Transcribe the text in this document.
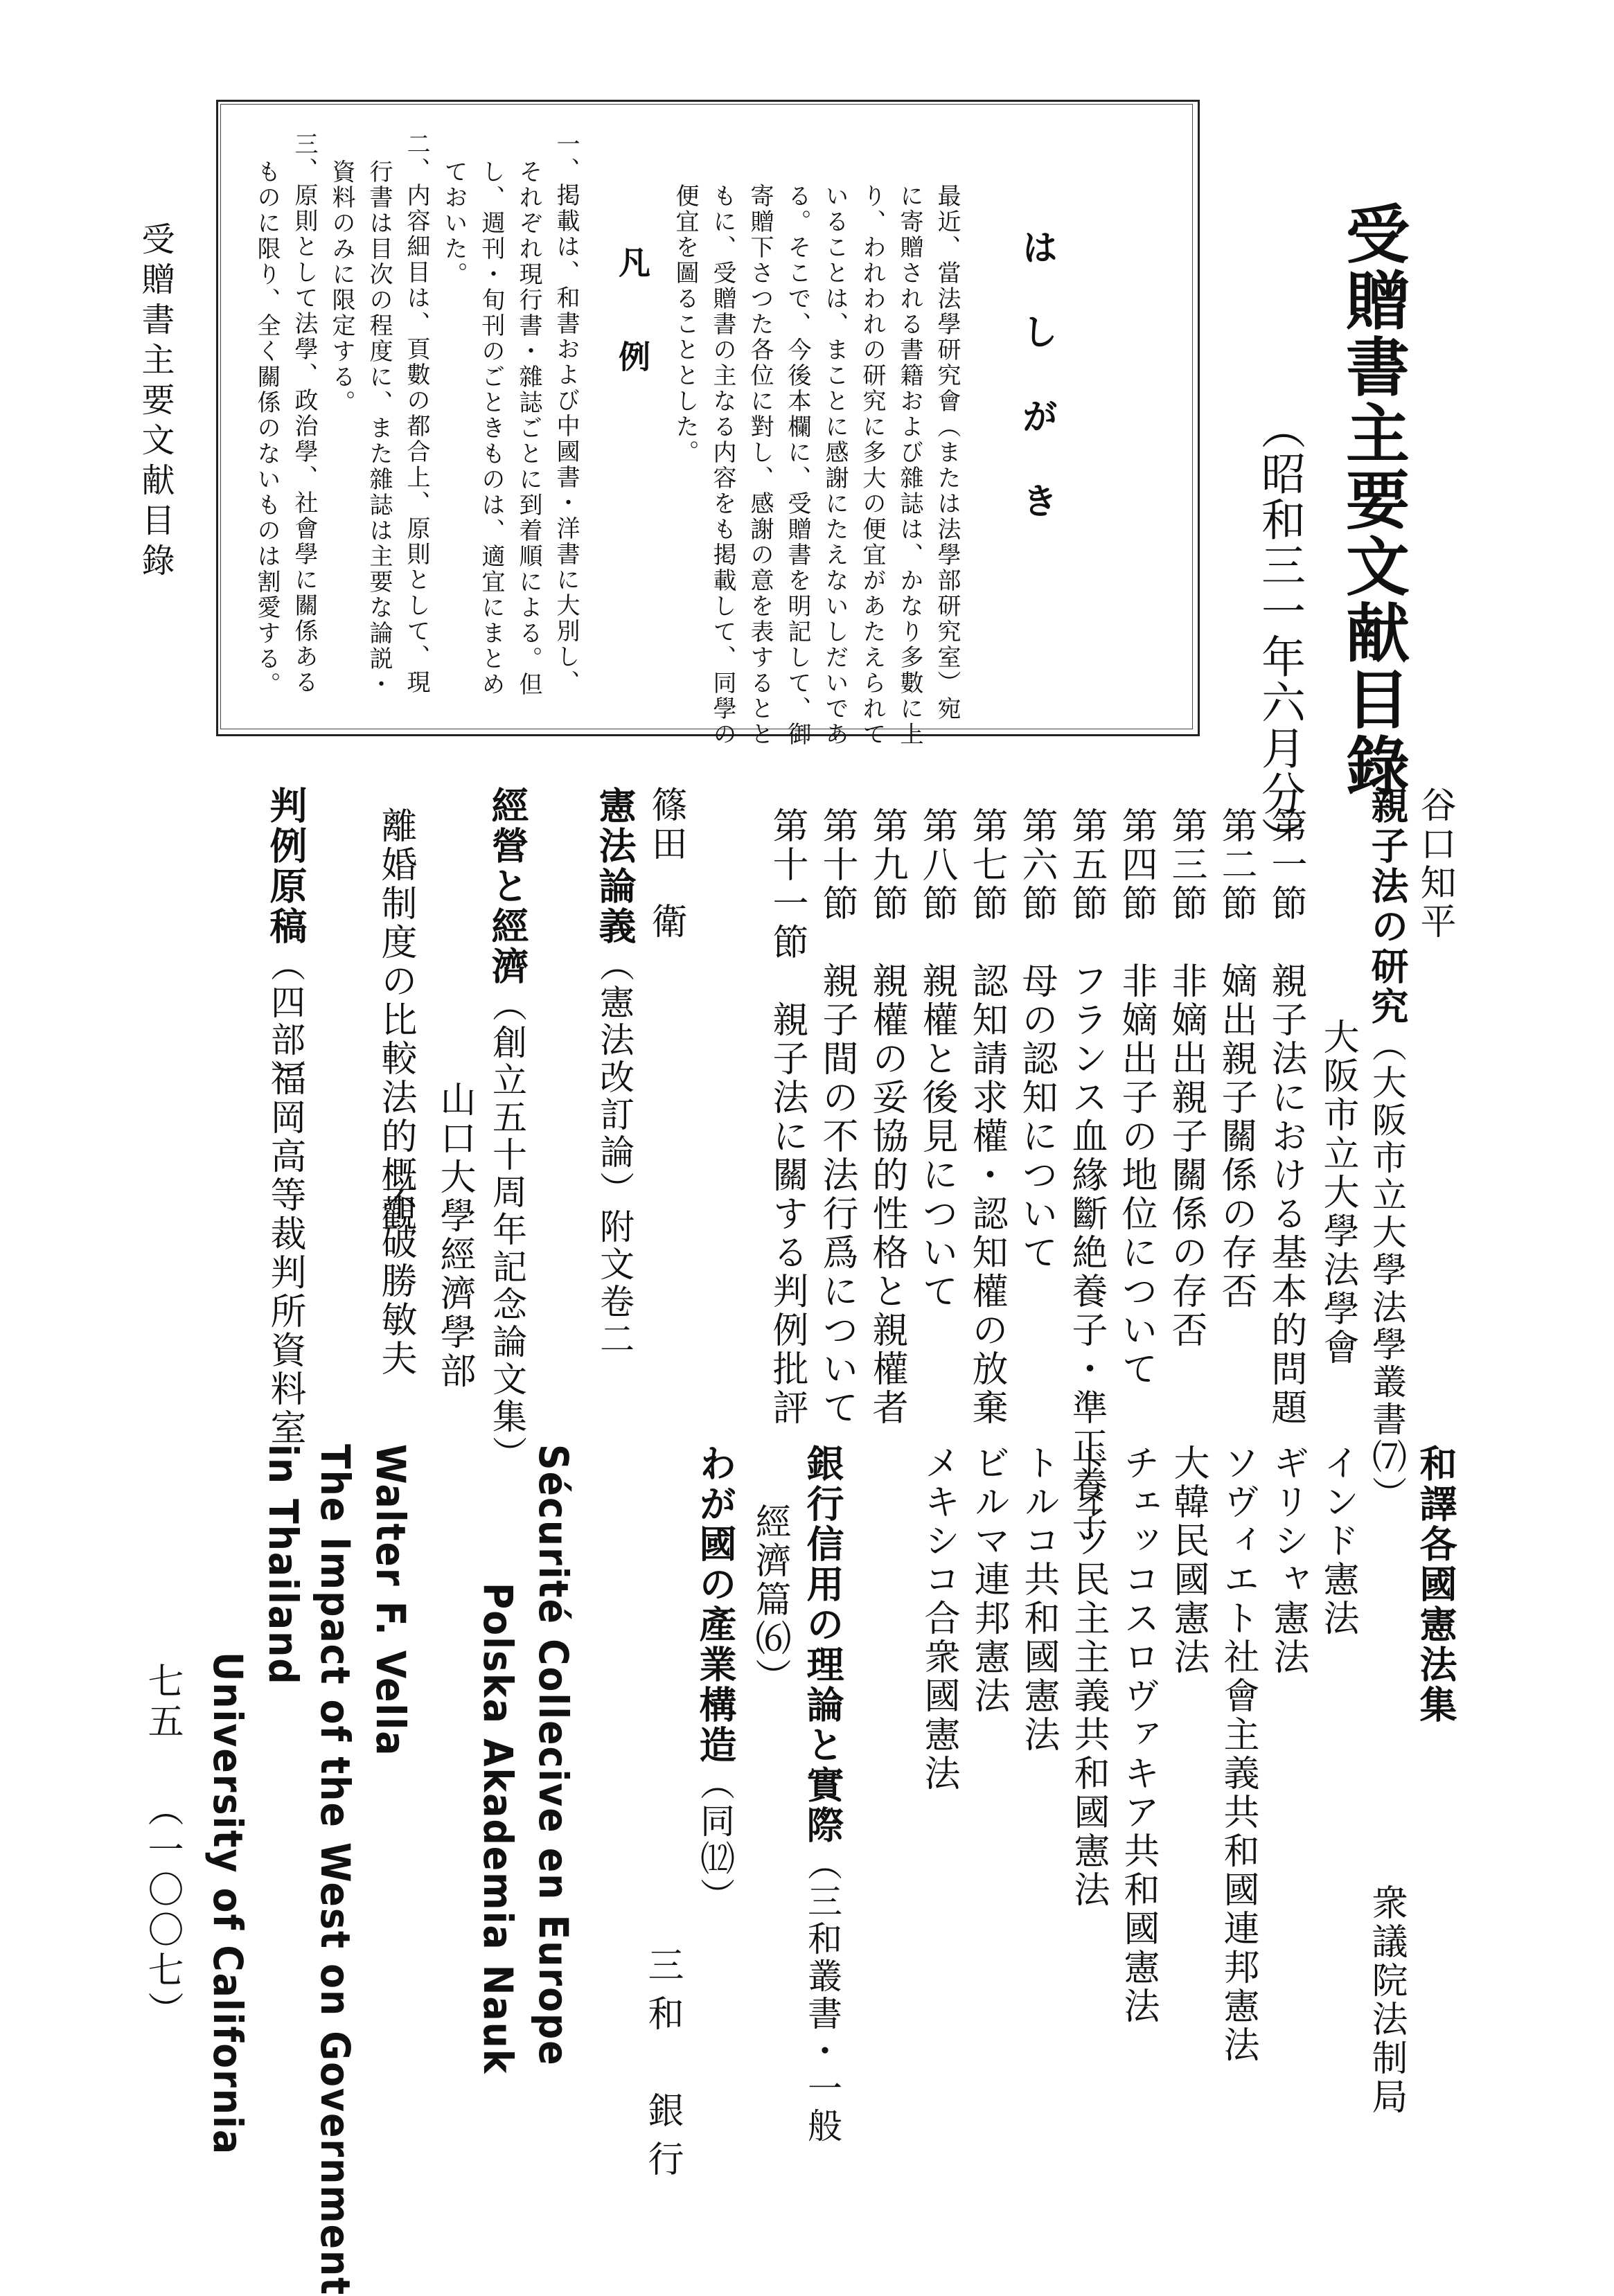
受贈書主要文献目錄
（昭和三一年六月分）
はしがき
最近、當法學研究會（または法學部研究室）宛
に寄贈される書籍および雜誌は、かなり多數に上
り、われわれの研究に多大の便宜があたえられて
いることは、まことに感謝にたえないしだいであ
る。そこで、今後本欄に、受贈書を明記して、御
寄贈下さつた各位に對し、感謝の意を表するとと
もに、受贈書の主なる内容をも掲載して、同學の
便宜を圖ることとした。
凡例
一、掲載は、和書および中國書・洋書に大別し、
それぞれ現行書・雜誌ごとに到着順による。但
し、週刊・旬刊のごときものは、適宜にまとめ
ておいた。
二、内容細目は、頁數の都合上、原則として、現
行書は目次の程度に、また雜誌は主要な論説・
資料のみに限定する。
三、原則として法學、政治學、社會學に關係ある
ものに限り、全く關係のないものは割愛する。
受贈書主要文献目錄
谷口知平
親子法の研究（大阪市立大學法學叢書⑺）
大阪市立大學法學會
第一節　親子法における基本的問題
第二節　嫡出親子關係の存否
第三節　非嫡出親子關係の存否
第四節　非嫡出子の地位について
第五節　フランス血緣斷絶養子・準正養子
第六節　母の認知について
第七節　認知請求權・認知權の放棄
第八節　親權と後見について
第九節　親權の妥協的性格と親權者
第十節　親子間の不法行爲について
第十一節　親子法に關する判例批評
篠田　衛
憲法論義（憲法改訂論）附文卷二
經營と經濟（創立五十周年記念論文集）
山口大學經濟學部
離婚制度の比較法的概觀
不破勝敏夫
判例原稿（四部）
福岡高等裁判所資料室
和譯各國憲法集
衆議院法制局
インド憲法
ギリシャ憲法
ソヴィエト社會主義共和國連邦憲法
大韓民國憲法
チェッコスロヴァキア共和國憲法
ドイツ民主主義共和國憲法
トルコ共和國憲法
ビルマ連邦憲法
メキシコ合衆國憲法
銀行信用の理論と實際（三和叢書・一般
經濟篇⑹）
三和　銀行
わが國の產業構造（同⑿）
Sécurité Collecive en Europe
Polska Akademia Nauk
Walter F. Vella
The Impact of the West on Government
in Thailand
University of California
七五
（一〇〇七）
